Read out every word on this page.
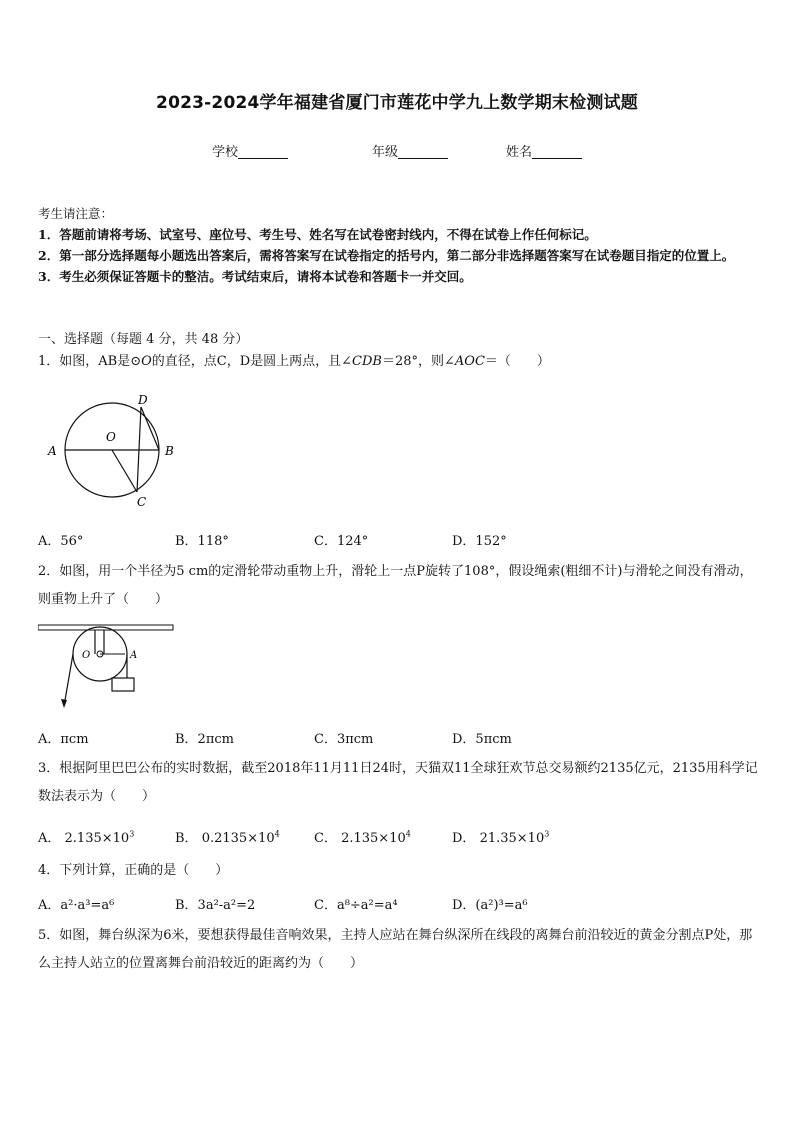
2023-2024学年福建省厦门市莲花中学九上数学期末检测试题
学校	年级	姓名
考生请注意：
1．答题前请将考场、试室号、座位号、考生号、姓名写在试卷密封线内，不得在试卷上作任何标记。
2．第一部分选择题每小题选出答案后，需将答案写在试卷指定的括号内，第二部分非选择题答案写在试卷题目指定的位置上。
3．考生必须保证答题卡的整洁。考试结束后，请将本试卷和答题卡一并交回。
一、选择题（每题 4 分，共 48 分）
1．如图，AB是⊙O的直径，点C，D是圆上两点，且∠CDB＝28°，则∠AOC＝（　　）
A	B
C
D
O
A．56°	B．118°	C．124°	D．152°
2．如图，用一个半径为5 cm的定滑轮带动重物上升，滑轮上一点P旋转了108°，假设绳索(粗细不计)与滑轮之间没有滑动，则重物上升了（　　）
O	A
A．πcm	B．2πcm	C．3πcm	D．5πcm
3．根据阿里巴巴公布的实时数据，截至2018年11月11日24时，天猫双11全球狂欢节总交易额约2135亿元，2135用科学记数法表示为（　　）
A． $2.135\times 10^3$	B． $0.2135\times 10^4$	C． $2.135\times 10^4$	D． $21.35\times 10^3$
4．下列计算，正确的是（　　）
A．a²·a³=a⁶	B．3a²-a²=2	C．a⁸÷a²=a⁴	D．(a²)³=a⁶
5．如图，舞台纵深为6米，要想获得最佳音响效果，主持人应站在舞台纵深所在线段的离舞台前沿较近的黄金分割点P处，那么主持人站立的位置离舞台前沿较近的距离约为（　　）
